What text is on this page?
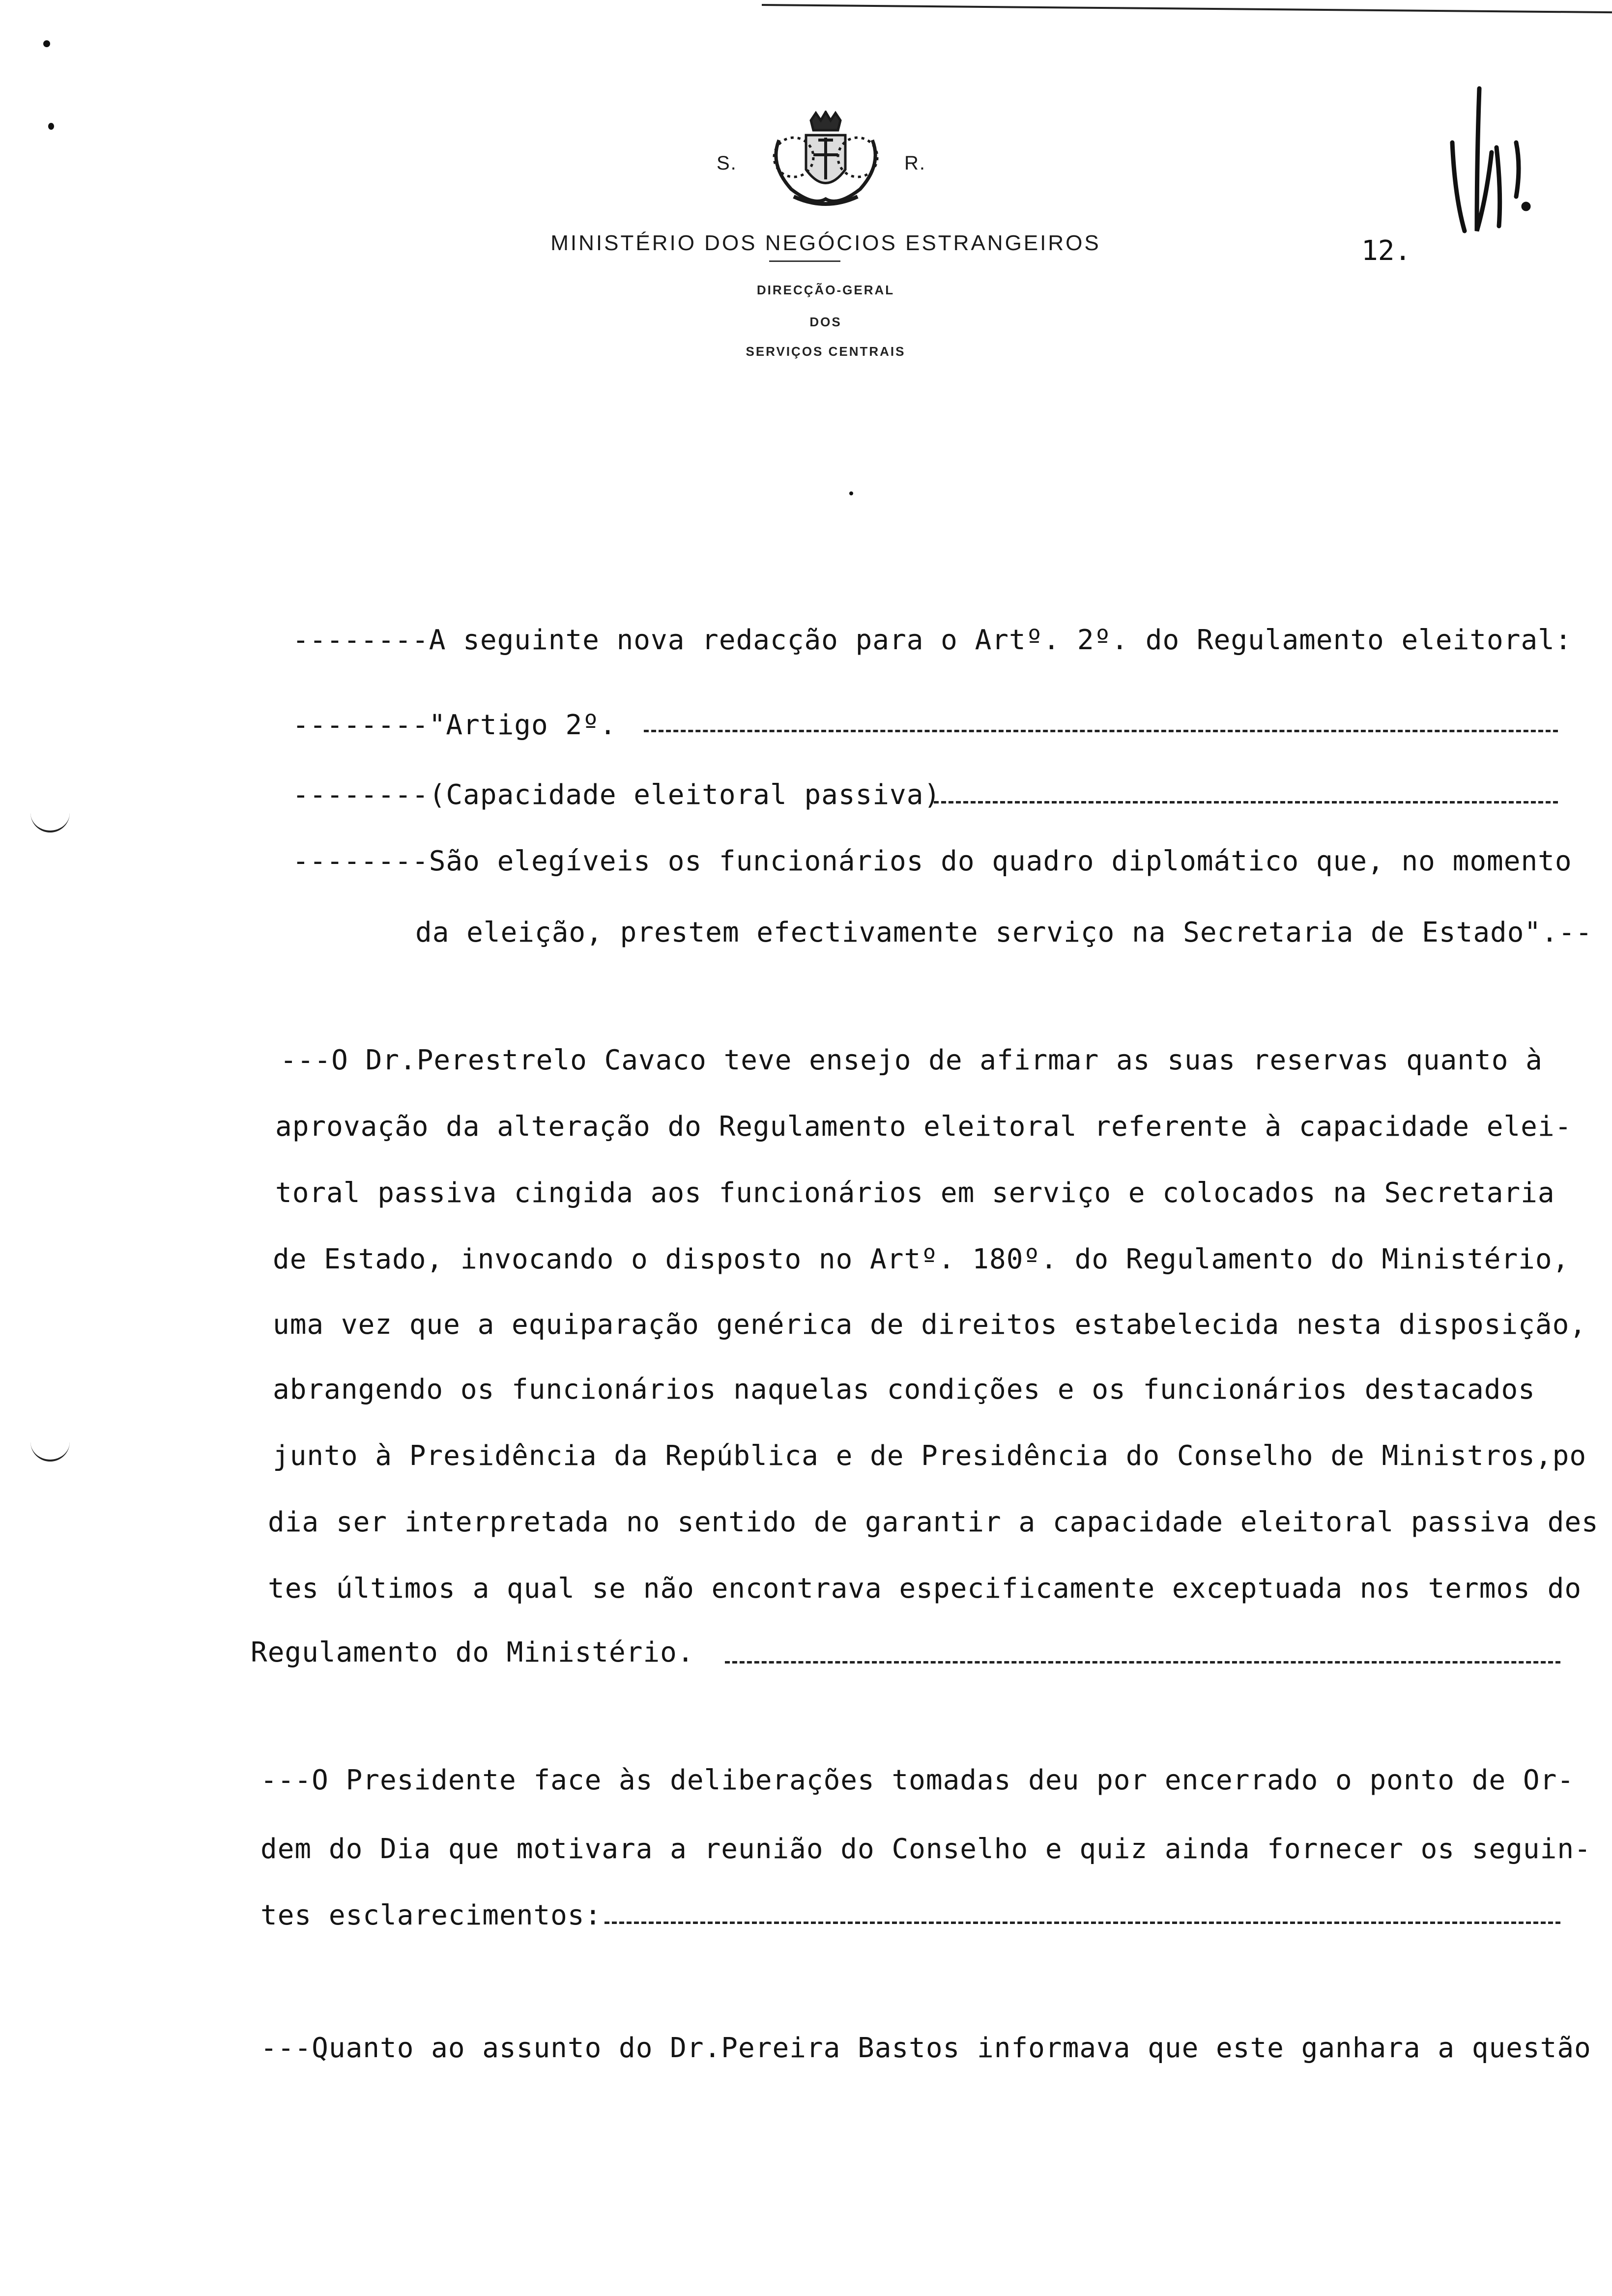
S.	R.
MINISTÉRIO DOS NEGÓCIOS ESTRANGEIROS
DIRECÇÃO-GERAL
DOS
SERVIÇOS CENTRAIS
12.
--------A seguinte nova redacção para o Artº. 2º. do Regulamento eleitoral:
--------"Artigo 2º.
--------(Capacidade eleitoral passiva)
--------São elegíveis os funcionários do quadro diplomático que, no momento
da eleição, prestem efectivamente serviço na Secretaria de Estado".--
---O Dr.Perestrelo Cavaco teve ensejo de afirmar as suas reservas quanto à
aprovação da alteração do Regulamento eleitoral referente à capacidade elei-
toral passiva cingida aos funcionários em serviço e colocados na Secretaria
de Estado, invocando o disposto no Artº. 180º. do Regulamento do Ministério,
uma vez que a equiparação genérica de direitos estabelecida nesta disposição,
abrangendo os funcionários naquelas condições e os funcionários destacados
junto à Presidência da República e de Presidência do Conselho de Ministros,po
dia ser interpretada no sentido de garantir a capacidade eleitoral passiva des
tes últimos a qual se não encontrava especificamente exceptuada nos termos do
Regulamento do Ministério.
---O Presidente face às deliberações tomadas deu por encerrado o ponto de Or-
dem do Dia que motivara a reunião do Conselho e quiz ainda fornecer os seguin-
tes esclarecimentos:
---Quanto ao assunto do Dr.Pereira Bastos informava que este ganhara a questão
